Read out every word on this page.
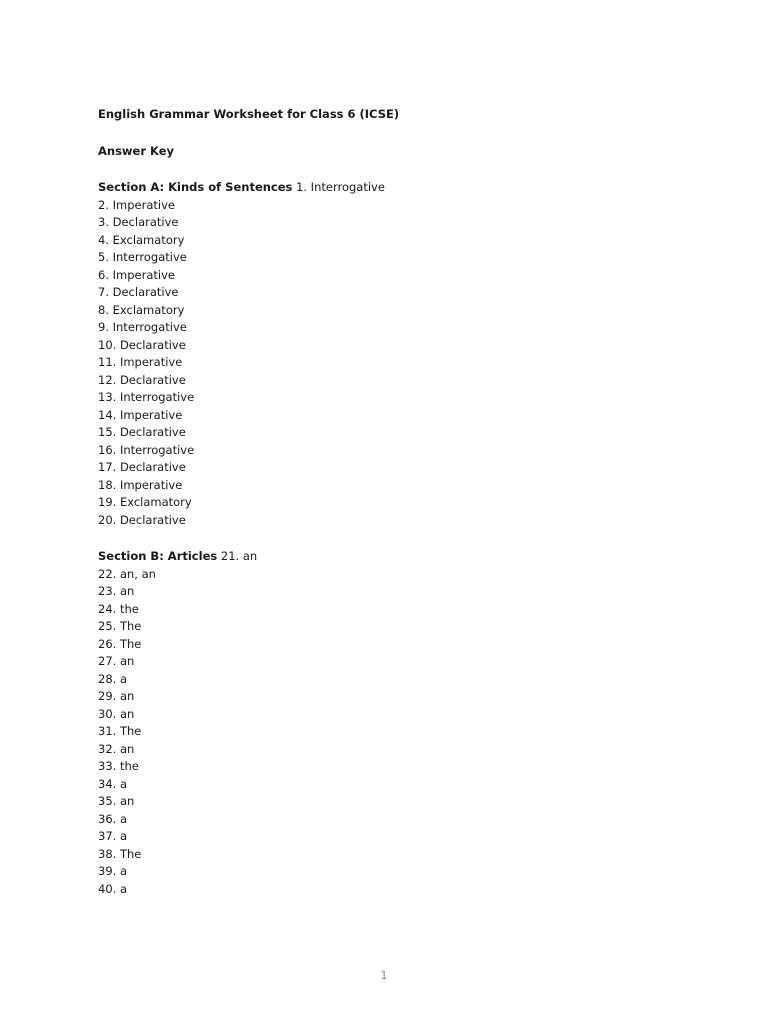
English Grammar Worksheet for Class 6 (ICSE)

Answer Key

Section A: Kinds of Sentences 1. Interrogative

2. Imperative
3. Declarative
4. Exclamatory
5. Interrogative
6. Imperative
7. Declarative
8. Exclamatory
9. Interrogative
10. Declarative
11. Imperative
12. Declarative
13. Interrogative
14. Imperative
15. Declarative
16. Interrogative
17. Declarative
18. Imperative
19. Exclamatory
20. Declarative

Section B: Articles 21. an

22. an, an
23. an
24. the
25. The
26. The
27. an
28. a
29. an
30. an
31. The
32. an
33. the
34. a
35. an
36. a
37. a
38. The
39. a
40. a
1
